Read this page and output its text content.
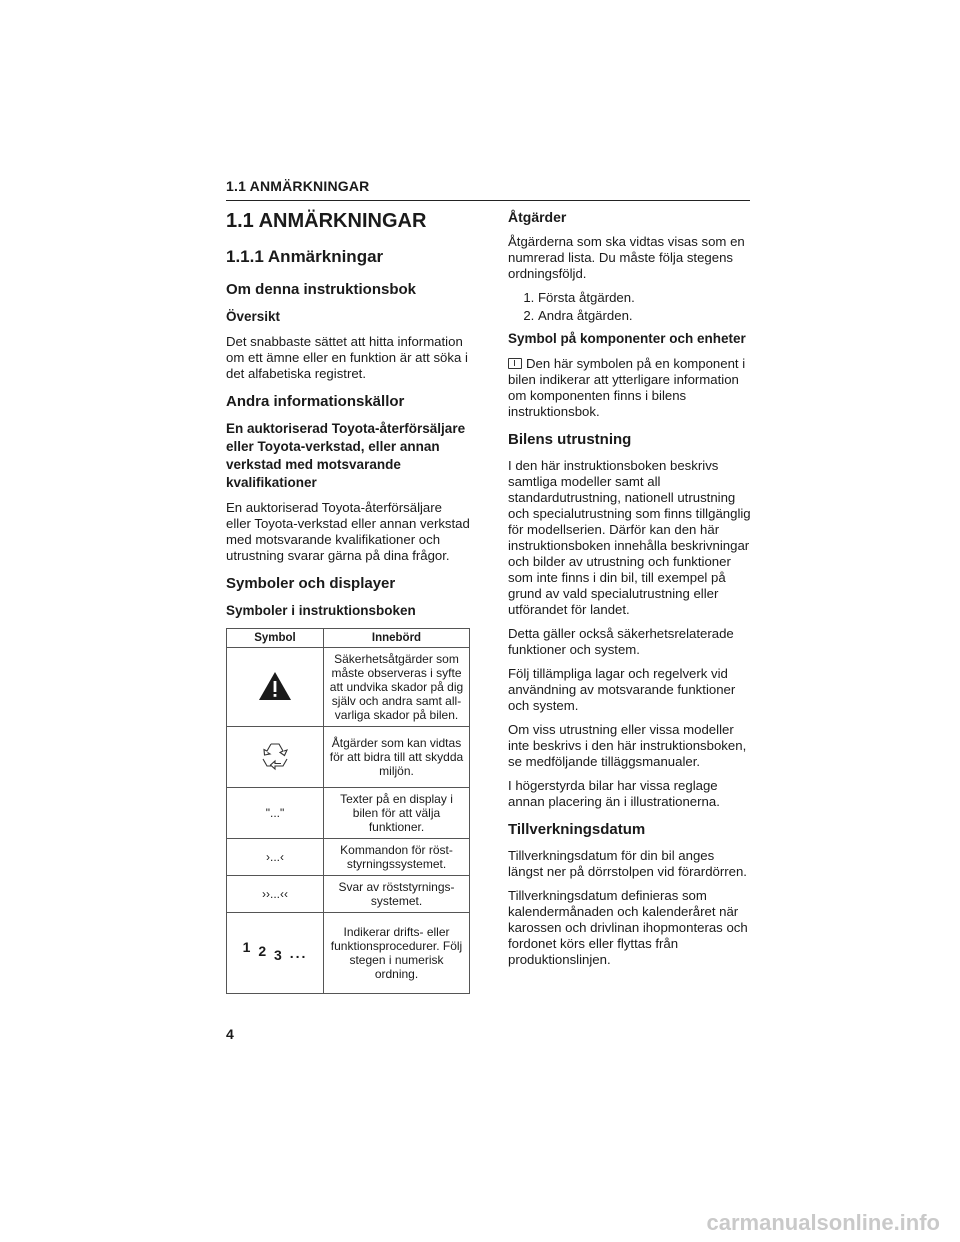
1.1 ANMÄRKNINGAR
1.1 ANMÄRKNINGAR
1.1.1 Anmärkningar
Om denna instruktionsbok
Översikt

Det snabbaste sättet att hitta information om ett ämne eller en funktion är att söka i det alfabetiska registret.

Andra informationskällor
En auktoriserad Toyota-återförsäljare eller Toyota-verkstad, eller annan verkstad med motsvarande kvalifikationer

En auktoriserad Toyota-återförsäljare eller Toyota-verkstad eller annan verkstad med motsvarande kvalifikationer och utrustning svarar gärna på dina frågor.

Symboler och displayer
Symboler i instruktionsboken
Symbol	Innebörd
	Säkerhetsåtgärder som måste observeras i syfte att undvika skador på dig själv och andra samt all-varliga skador på bilen.
	Åtgärder som kan vidtas för att bidra till att skydda miljön.
"..."	Texter på en display i bilen för att välja funktioner.
›...‹	Kommandon för röst-styrningssystemet.
››...‹‹	Svar av röststyrnings-systemet.
1 2 3 ...	Indikerar drifts- eller funktionsprocedurer. Följ stegen i numerisk ordning.
Åtgärder

Åtgärderna som ska vidtas visas som en numrerad lista. Du måste följa stegens ordningsföljd.

1. Första åtgärden.
2. Andra åtgärden.
Symbol på komponenter och enheter

Den här symbolen på en komponent i bilen indikerar att ytterligare information om komponenten finns i bilens instruktionsbok.

Bilens utrustning

I den här instruktionsboken beskrivs samtliga modeller samt all standardutrustning, nationell utrustning och specialutrustning som finns tillgänglig för modellserien. Därför kan den här instruktionsboken innehålla beskrivningar och bilder av utrustning och funktioner som inte finns i din bil, till exempel på grund av vald specialutrustning eller utförandet för landet.

Detta gäller också säkerhetsrelaterade funktioner och system.

Följ tillämpliga lagar och regelverk vid användning av motsvarande funktioner och system.

Om viss utrustning eller vissa modeller inte beskrivs i den här instruktionsboken, se medföljande tilläggsmanualer.

I högerstyrda bilar har vissa reglage annan placering än i illustrationerna.

Tillverkningsdatum

Tillverkningsdatum för din bil anges längst ner på dörrstolpen vid förardörren.

Tillverkningsdatum definieras som kalendermånaden och kalenderåret när karossen och drivlinan ihopmonteras och fordonet körs eller flyttas från produktionslinjen.

4
carmanualsonline.info
